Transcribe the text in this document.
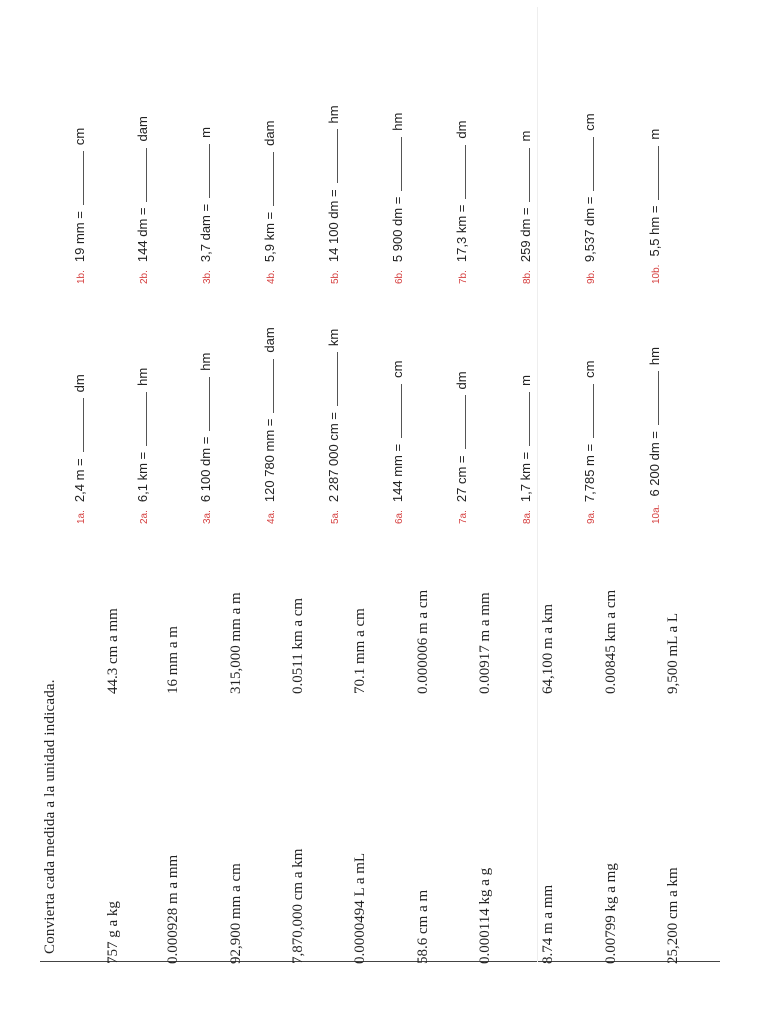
Convierta cada medida a la unidad indicada.	757 g a kg	0.000928 m a mm	92,900 mm a cm	7,870,000 cm a km	0.0000494 L a mL	58.6 cm a m	0.000114 kg a g	8.74 m a mm	0.00799 kg a mg	25,200 cm a km
44.3 cm a mm	16 mm a m	315,000 mm a m	0.0511 km a cm	70.1 mm a cm	0.000006 m a cm	0.00917 m a mm	64,100 m a km	0.00845 km a cm	9,500 mL a L
1a.
2,4 m =
dm
2a.
6,1 km =
hm
3a.
6 100 dm =
hm
4a.
120 780 mm =
dam
5a.
2 287 000 cm =
km
6a.
144 mm =
cm
7a.
27 cm =
dm
8a.
1,7 km =
m
9a.
7,785 m =
cm
10a.
6 200 dm =
hm
1b.
19 mm =
cm
2b.
144 dm =
dam
3b.
3,7 dam =
m
4b.
5,9 km =
dam
5b.
14 100 dm =
hm
6b.
5 900 dm =
hm
7b.
17,3 km =
dm
8b.
259 dm =
m
9b.
9,537 dm =
cm
10b.
5,5 hm =
m
